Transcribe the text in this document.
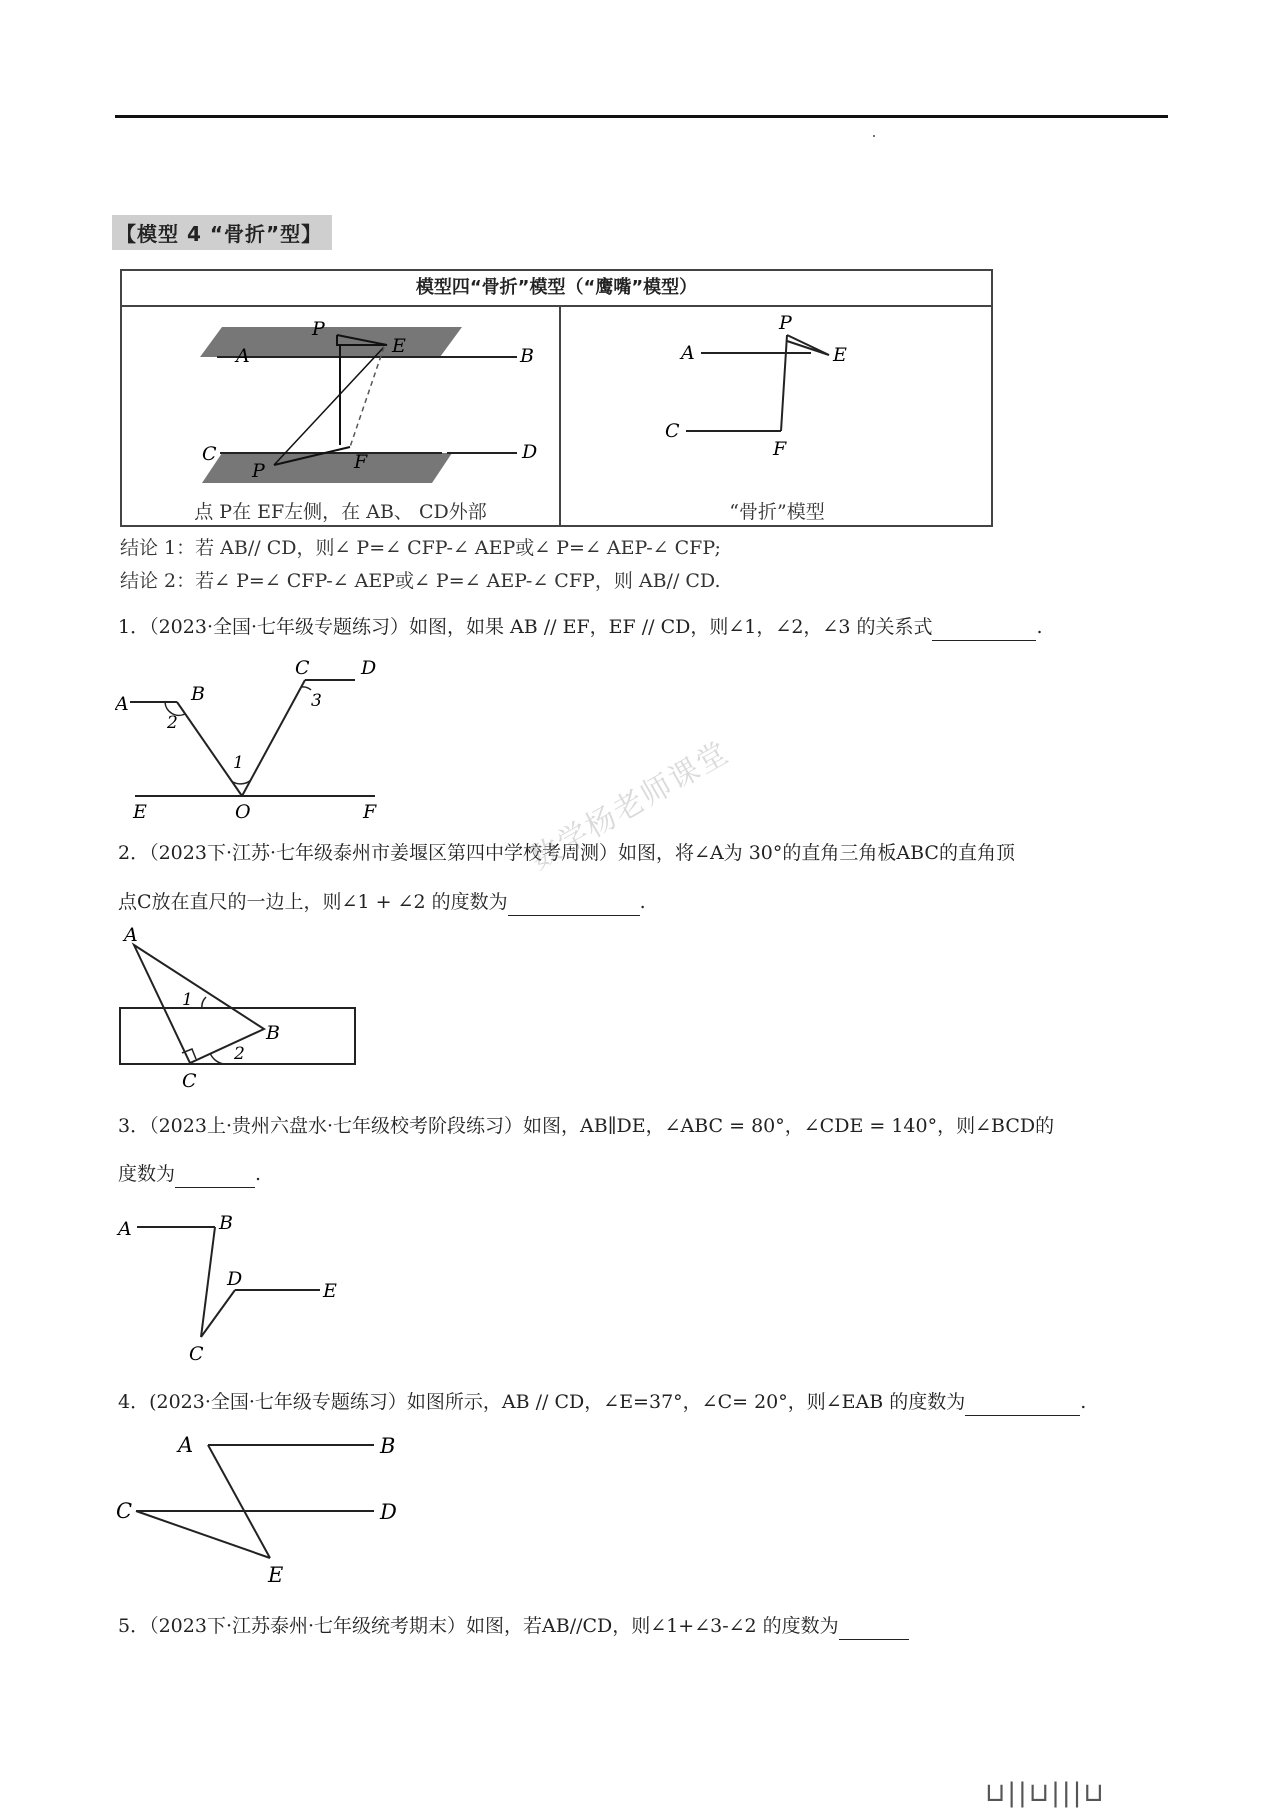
【模型 4 “骨折”型】
模型四“骨折”模型（“鹰嘴”模型）
A	B
C	D
E
F
P
P
A
C
E
F
P
点 P在 EF左侧，在 AB、 CD外部	“骨折”模型
结论 1：若 AB// CD，则∠ P=∠ CFP-∠ AEP或∠ P=∠ AEP-∠ CFP;
结论 2：若∠ P=∠ CFP-∠ AEP或∠ P=∠ AEP-∠ CFP，则 AB// CD.
1．（2023·全国·七年级专题练习）如图，如果 AB // EF，EF // CD，则∠1，∠2，∠3 的关系式	.
A	B
C	D
E	O	F
1
2
3
2．（2023下·江苏·七年级泰州市姜堰区第四中学校考周测）如图，将∠A为 30°的直角三角板ABC的直角顶
点C放在直尺的一边上，则∠1 + ∠2 的度数为	.
A
B
C
1
2
3．（2023上·贵州六盘水·七年级校考阶段练习）如图，AB∥DE，∠ABC = 80°，∠CDE = 140°，则∠BCD的
度数为	.
A	B
C
D
E
4．(2023·全国·七年级专题练习）如图所示，AB // CD，∠E=37°，∠C= 20°，则∠EAB 的度数为	.
A	B
C	D
E
5．（2023下·江苏泰州·七年级统考期末）如图，若AB//CD，则∠1+∠3-∠2 的度数为
数学杨老师课堂
⊔||⊔|||⊔
